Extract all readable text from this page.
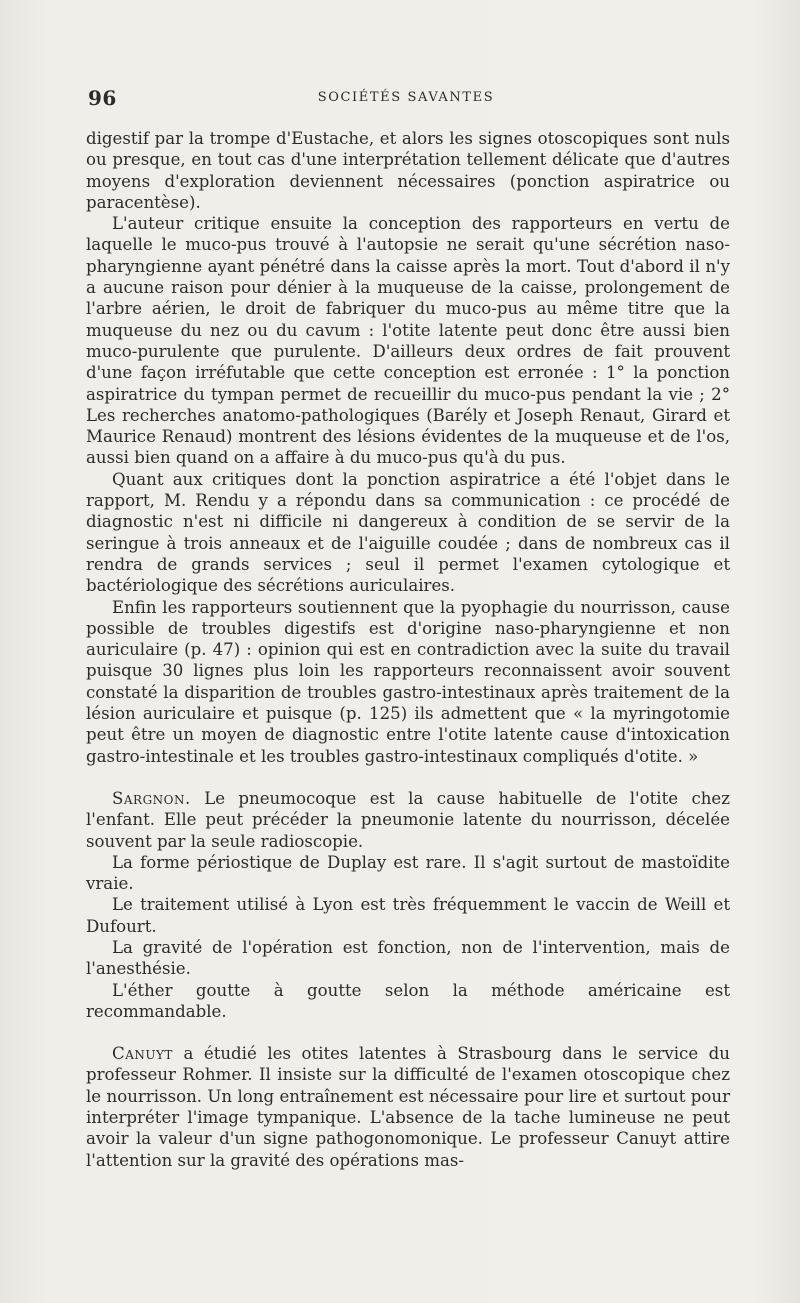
96	SOCIÉTÉS SAVANTES

digestif par la trompe d'Eustache, et alors les signes otoscopiques sont nuls ou presque, en tout cas d'une interprétation tellement délicate que d'autres moyens d'exploration deviennent nécessaires (ponction aspiratrice ou paracentèse).

L'auteur critique ensuite la conception des rapporteurs en vertu de laquelle le muco-pus trouvé à l'autopsie ne serait qu'une sécrétion naso-pharyngienne ayant pénétré dans la caisse après la mort. Tout d'abord il n'y a aucune raison pour dénier à la muqueuse de la caisse, prolongement de l'arbre aérien, le droit de fabriquer du muco-pus au même titre que la muqueuse du nez ou du cavum : l'otite latente peut donc être aussi bien muco-purulente que purulente. D'ailleurs deux ordres de fait prouvent d'une façon irréfutable que cette conception est erronée : 1° la ponction aspiratrice du tympan permet de recueillir du muco-pus pendant la vie ; 2° Les recherches anatomo-pathologiques (Barély et Joseph Renaut, Girard et Maurice Renaud) montrent des lésions évidentes de la muqueuse et de l'os, aussi bien quand on a affaire à du muco-pus qu'à du pus.

Quant aux critiques dont la ponction aspiratrice a été l'objet dans le rapport, M. Rendu y a répondu dans sa communication : ce procédé de diagnostic n'est ni difficile ni dangereux à condition de se servir de la seringue à trois anneaux et de l'aiguille coudée ; dans de nombreux cas il rendra de grands services ; seul il permet l'examen cytologique et bactériologique des sécrétions auriculaires.

Enfin les rapporteurs soutiennent que la pyophagie du nourrisson, cause possible de troubles digestifs est d'origine naso-pharyngienne et non auriculaire (p. 47) : opinion qui est en contradiction avec la suite du travail puisque 30 lignes plus loin les rapporteurs reconnaissent avoir souvent constaté la disparition de troubles gastro-intestinaux après traitement de la lésion auriculaire et puisque (p. 125) ils admettent que « la myringotomie peut être un moyen de diagnostic entre l'otite latente cause d'intoxication gastro-intestinale et les troubles gastro-intestinaux compliqués d'otite. »

Sargnon. Le pneumocoque est la cause habituelle de l'otite chez l'enfant. Elle peut précéder la pneumonie latente du nourrisson, décelée souvent par la seule radioscopie.

La forme périostique de Duplay est rare. Il s'agit surtout de mastoïdite vraie.

Le traitement utilisé à Lyon est très fréquemment le vaccin de Weill et Dufourt.

La gravité de l'opération est fonction, non de l'intervention, mais de l'anesthésie.

L'éther goutte à goutte selon la méthode américaine est recommandable.

Canuyt a étudié les otites latentes à Strasbourg dans le service du professeur Rohmer. Il insiste sur la difficulté de l'examen otoscopique chez le nourrisson. Un long entraînement est nécessaire pour lire et surtout pour interpréter l'image tympanique. L'absence de la tache lumineuse ne peut avoir la valeur d'un signe pathogonomonique. Le professeur Canuyt attire l'attention sur la gravité des opérations mas-
